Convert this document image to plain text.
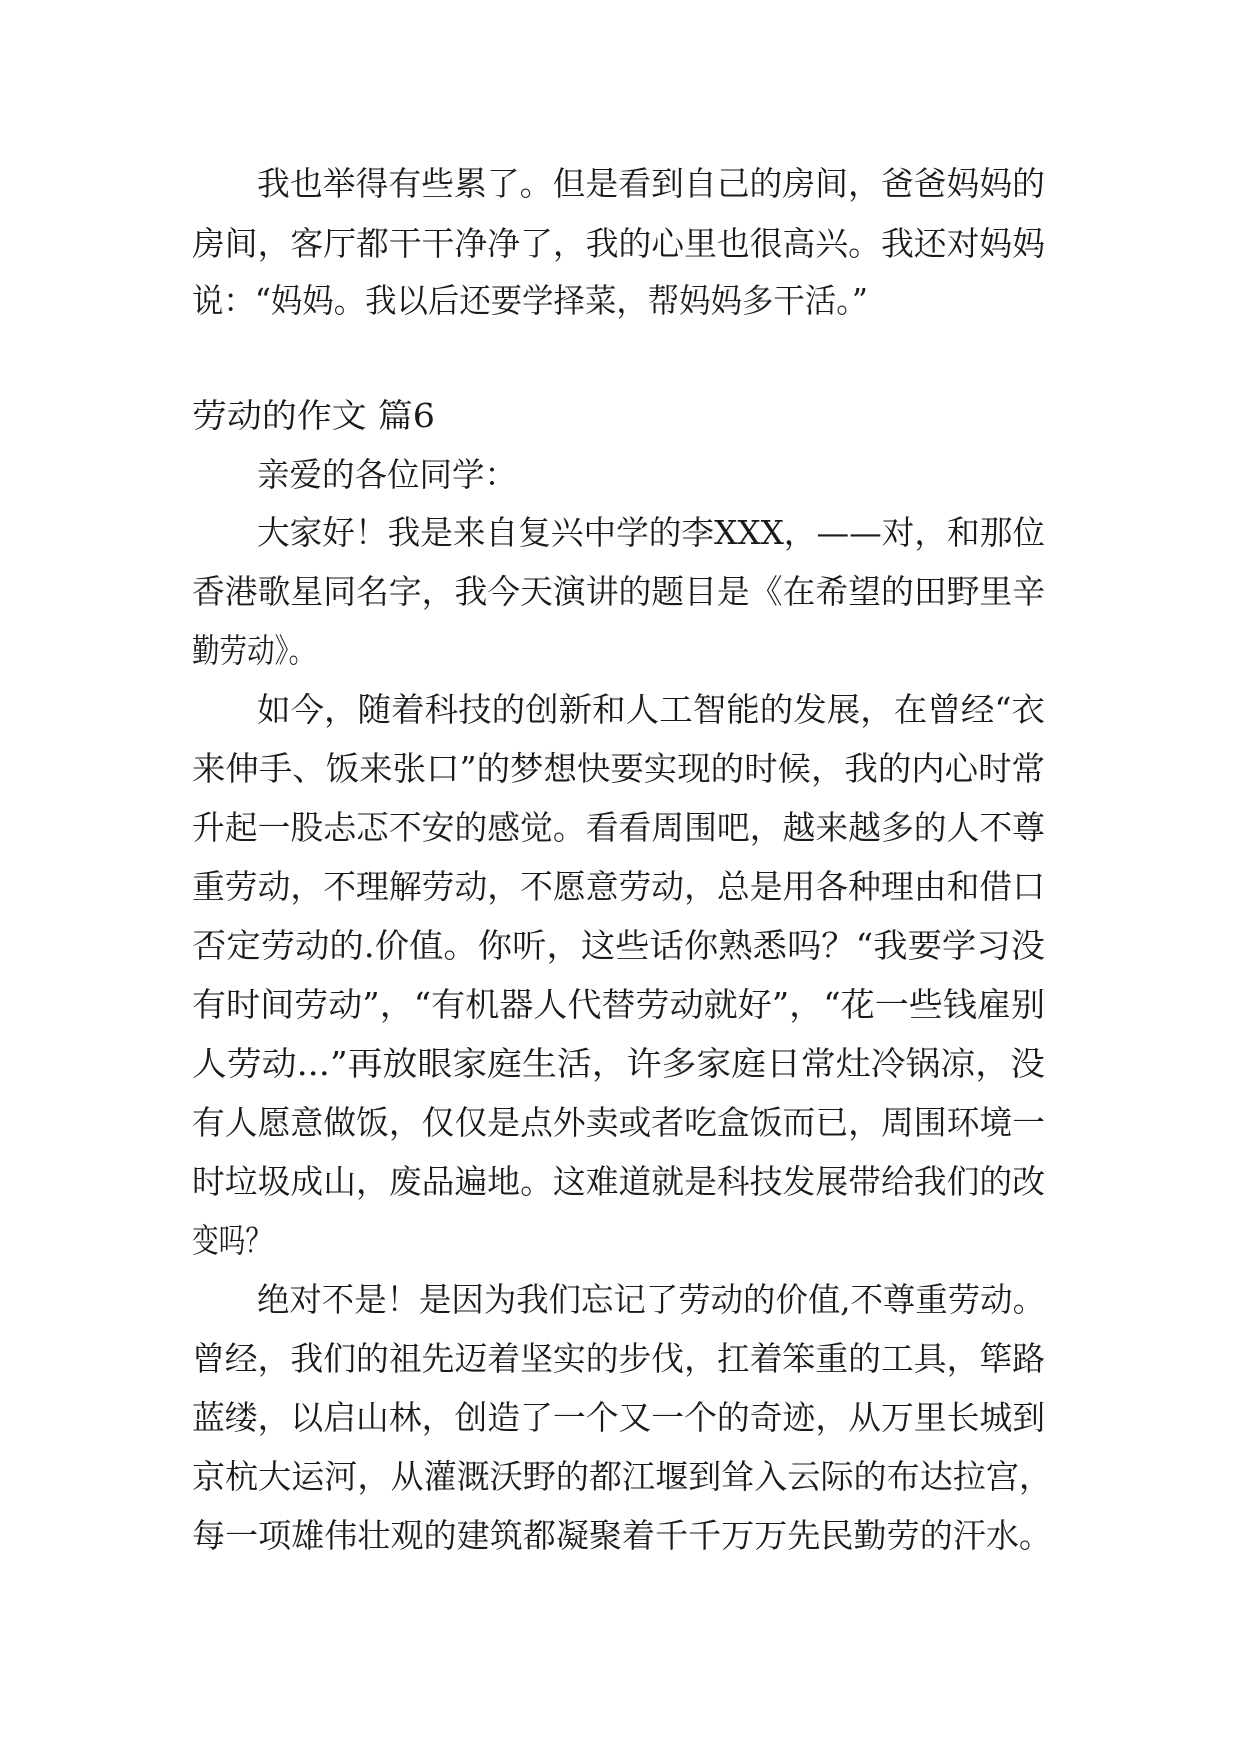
我也举得有些累了。但是看到自己的房间，爸爸妈妈的
房间，客厅都干干净净了，我的心里也很高兴。我还对妈妈
说：“妈妈。我以后还要学择菜，帮妈妈多干活。”
劳动的作文 篇6
亲爱的各位同学：
大家好！我是来自复兴中学的李XXX，——对，和那位
香港歌星同名字，我今天演讲的题目是《在希望的田野里辛
勤劳动》。
如今，随着科技的创新和人工智能的发展，在曾经“衣
来伸手、饭来张口”的梦想快要实现的时候，我的内心时常
升起一股忐忑不安的感觉。看看周围吧，越来越多的人不尊
重劳动，不理解劳动，不愿意劳动，总是用各种理由和借口
否定劳动的.价值。你听，这些话你熟悉吗？“我要学习没
有时间劳动”，“有机器人代替劳动就好”，“花一些钱雇别
人劳动...”再放眼家庭生活，许多家庭日常灶冷锅凉，没
有人愿意做饭，仅仅是点外卖或者吃盒饭而已，周围环境一
时垃圾成山，废品遍地。这难道就是科技发展带给我们的改
变吗？
绝对不是！是因为我们忘记了劳动的价值,不尊重劳动。
曾经，我们的祖先迈着坚实的步伐，扛着笨重的工具，筚路
蓝缕，以启山林，创造了一个又一个的奇迹，从万里长城到
京杭大运河，从灌溉沃野的都江堰到耸入云际的布达拉宫，
每一项雄伟壮观的建筑都凝聚着千千万万先民勤劳的汗水。
